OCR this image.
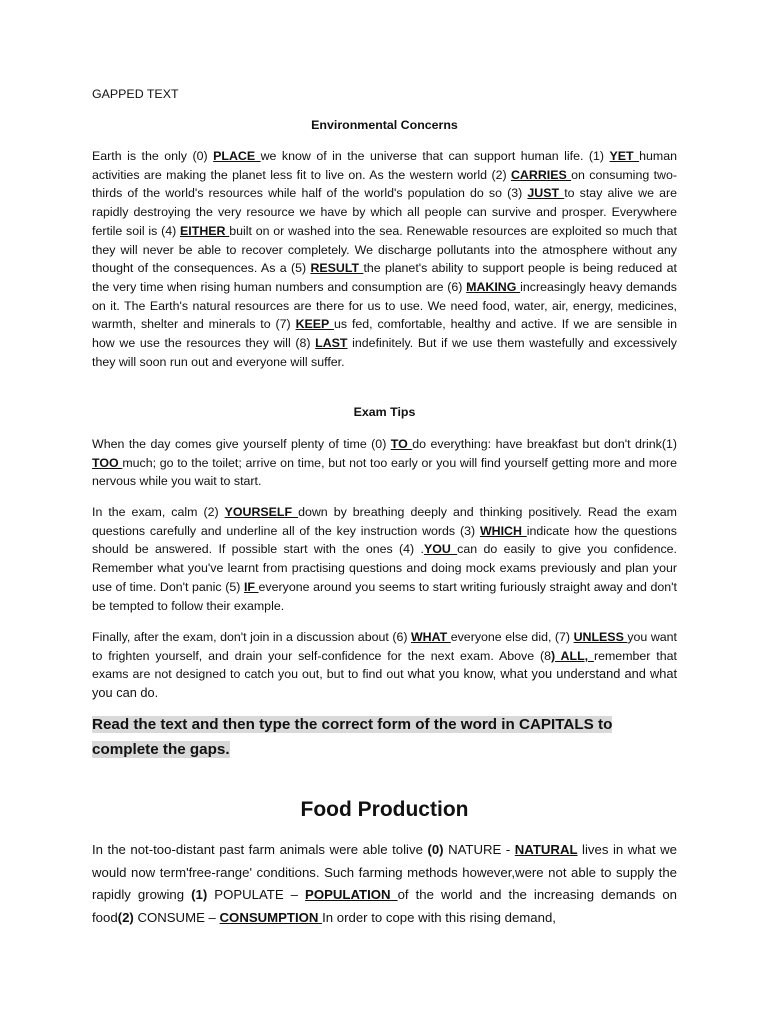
GAPPED TEXT
Environmental Concerns

Earth is the only (0) PLACE we know of in the universe that can support human life. (1) YET human activities are making the planet less fit to live on. As the western world (2) CARRIES on consuming two-thirds of the world's resources while half of the world's population do so (3) JUST to stay alive we are rapidly destroying the very resource we have by which all people can survive and prosper. Everywhere fertile soil is (4) EITHER built on or washed into the sea. Renewable resources are exploited so much that they will never be able to recover completely. We discharge pollutants into the atmosphere without any thought of the consequences. As a (5) RESULT the planet's ability to support people is being reduced at the very time when rising human numbers and consumption are (6) MAKING increasingly heavy demands on it. The Earth's natural resources are there for us to use. We need food, water, air, energy, medicines, warmth, shelter and minerals to (7) KEEP us fed, comfortable, healthy and active. If we are sensible in how we use the resources they will (8) LAST indefinitely. But if we use them wastefully and excessively they will soon run out and everyone will suffer.

Exam Tips

When the day comes give yourself plenty of time (0) TO do everything: have breakfast but don't drink(1) TOO much; go to the toilet; arrive on time, but not too early or you will find yourself getting more and more nervous while you wait to start.

In the exam, calm (2) YOURSELF down by breathing deeply and thinking positively. Read the exam questions carefully and underline all of the key instruction words (3) WHICH indicate how the questions should be answered. If possible start with the ones (4) .YOU can do easily to give you confidence. Remember what you've learnt from practising questions and doing mock exams previously and plan your use of time. Don't panic (5) IF everyone around you seems to start writing furiously straight away and don't be tempted to follow their example.

Finally, after the exam, don't join in a discussion about (6) WHAT everyone else did, (7) UNLESS you want to frighten yourself, and drain your self-confidence for the next exam. Above (8) ALL, remember that exams are not designed to catch you out, but to find out what you know, what you understand and what you can do.

Read the text and then type the correct form of the word in CAPITALS to complete the gaps.

Food Production

In the not-too-distant past farm animals were able tolive (0) NATURE - NATURAL lives in what we would now term'free-range' conditions. Such farming methods however,were not able to supply the rapidly growing (1) POPULATE – POPULATION of the world and the increasing demands on food(2) CONSUME – CONSUMPTION In order to cope with this rising demand,
